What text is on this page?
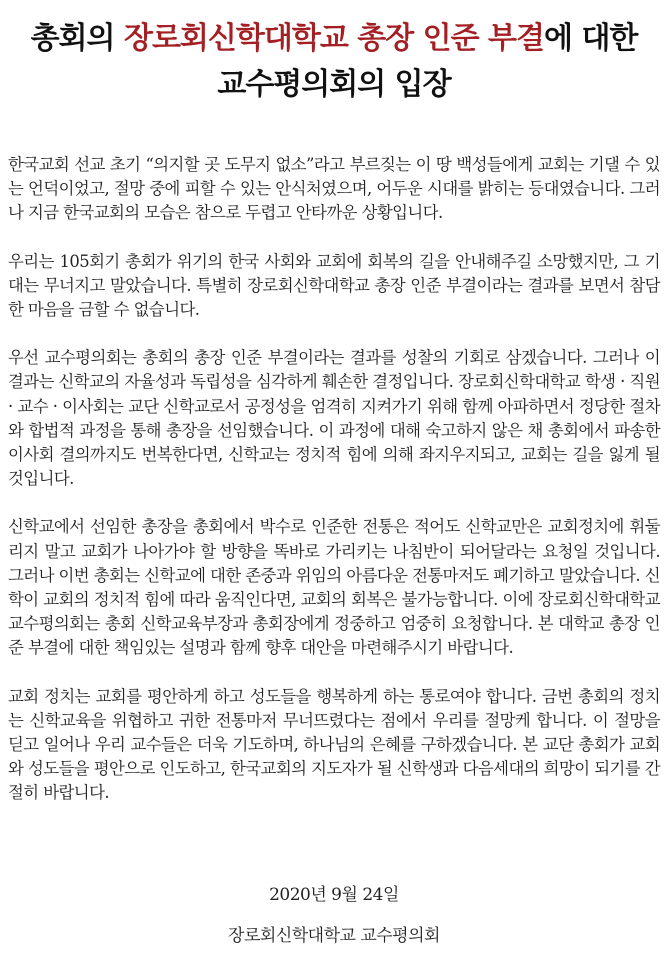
총회의 장로회신학대학교 총장 인준 부결에 대한
교수평의회의 입장

한국교회 선교 초기 “의지할 곳 도무지 없소”라고 부르짖는 이 땅 백성들에게 교회는 기댈 수 있는 언덕이었고, 절망 중에 피할 수 있는 안식처였으며, 어두운 시대를 밝히는 등대였습니다. 그러나 지금 한국교회의 모습은 참으로 두렵고 안타까운 상황입니다.

우리는 105회기 총회가 위기의 한국 사회와 교회에 회복의 길을 안내해주길 소망했지만, 그 기대는 무너지고 말았습니다. 특별히 장로회신학대학교 총장 인준 부결이라는 결과를 보면서 참담한 마음을 금할 수 없습니다.

우선 교수평의회는 총회의 총장 인준 부결이라는 결과를 성찰의 기회로 삼겠습니다. 그러나 이 결과는 신학교의 자율성과 독립성을 심각하게 훼손한 결정입니다. 장로회신학대학교 학생 · 직원 · 교수 · 이사회는 교단 신학교로서 공정성을 엄격히 지켜가기 위해 함께 아파하면서 정당한 절차와 합법적 과정을 통해 총장을 선임했습니다. 이 과정에 대해 숙고하지 않은 채 총회에서 파송한 이사회 결의까지도 번복한다면, 신학교는 정치적 힘에 의해 좌지우지되고, 교회는 길을 잃게 될 것입니다.

신학교에서 선임한 총장을 총회에서 박수로 인준한 전통은 적어도 신학교만은 교회정치에 휘둘리지 말고 교회가 나아가야 할 방향을 똑바로 가리키는 나침반이 되어달라는 요청일 것입니다. 그러나 이번 총회는 신학교에 대한 존중과 위임의 아름다운 전통마저도 폐기하고 말았습니다. 신학이 교회의 정치적 힘에 따라 움직인다면, 교회의 회복은 불가능합니다. 이에 장로회신학대학교 교수평의회는 총회 신학교육부장과 총회장에게 정중하고 엄중히 요청합니다. 본 대학교 총장 인준 부결에 대한 책임있는 설명과 함께 향후 대안을 마련해주시기 바랍니다.

교회 정치는 교회를 평안하게 하고 성도들을 행복하게 하는 통로여야 합니다. 금번 총회의 정치는 신학교육을 위협하고 귀한 전통마저 무너뜨렸다는 점에서 우리를 절망케 합니다. 이 절망을 딛고 일어나 우리 교수들은 더욱 기도하며, 하나님의 은혜를 구하겠습니다. 본 교단 총회가 교회와 성도들을 평안으로 인도하고, 한국교회의 지도자가 될 신학생과 다음세대의 희망이 되기를 간절히 바랍니다.

2020년 9월 24일
장로회신학대학교 교수평의회
